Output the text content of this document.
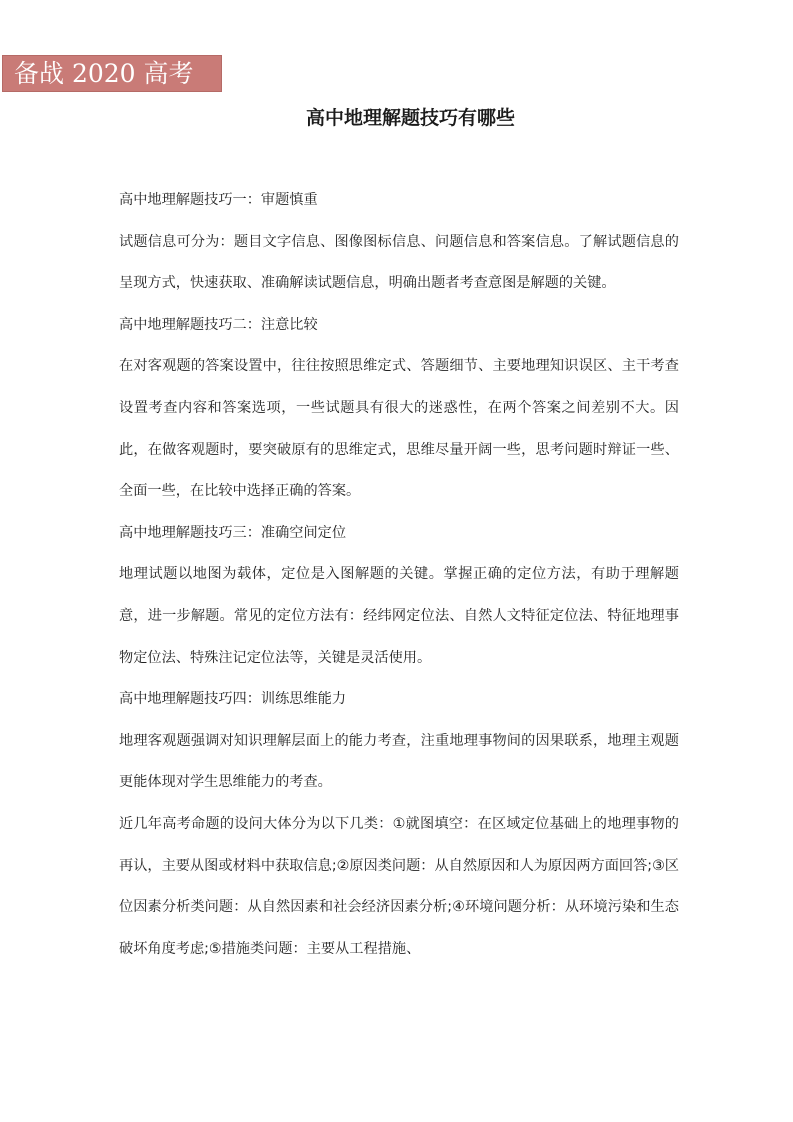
备战 2020 高考
高中地理解题技巧有哪些

高中地理解题技巧一：审题慎重

试题信息可分为：题目文字信息、图像图标信息、问题信息和答案信息。了解试题信息的呈现方式，快速获取、准确解读试题信息，明确出题者考查意图是解题的关键。

高中地理解题技巧二：注意比较

在对客观题的答案设置中，往往按照思维定式、答题细节、主要地理知识误区、主干考查设置考查内容和答案选项，一些试题具有很大的迷惑性，在两个答案之间差别不大。因此，在做客观题时，要突破原有的思维定式，思维尽量开阔一些，思考问题时辩证一些、全面一些，在比较中选择正确的答案。

高中地理解题技巧三：准确空间定位

地理试题以地图为载体，定位是入图解题的关键。掌握正确的定位方法，有助于理解题意，进一步解题。常见的定位方法有：经纬网定位法、自然人文特征定位法、特征地理事物定位法、特殊注记定位法等，关键是灵活使用。

高中地理解题技巧四：训练思维能力

地理客观题强调对知识理解层面上的能力考查，注重地理事物间的因果联系，地理主观题更能体现对学生思维能力的考查。

近几年高考命题的设问大体分为以下几类：①就图填空：在区域定位基础上的地理事物的再认，主要从图或材料中获取信息;②原因类问题：从自然原因和人为原因两方面回答;③区位因素分析类问题：从自然因素和社会经济因素分析;④环境问题分析：从环境污染和生态破坏角度考虑;⑤措施类问题：主要从工程措施、
